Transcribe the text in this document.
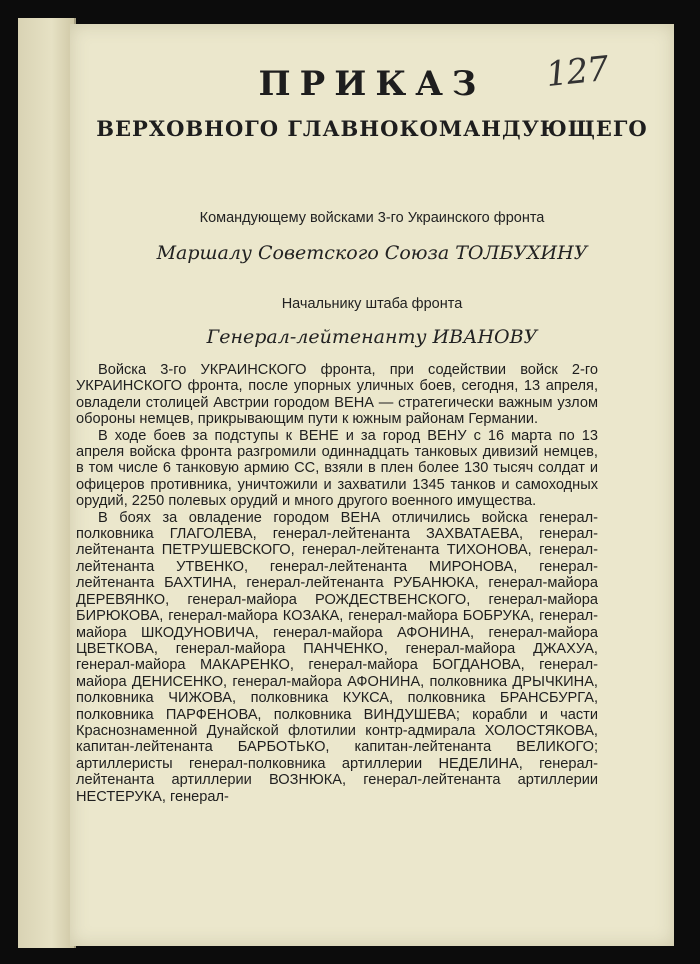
127
ПРИКАЗ
ВЕРХОВНОГО ГЛАВНОКОМАНДУЮЩЕГО
Командующему войсками 3-го Украинского фронта
Маршалу Советского Союза ТОЛБУХИНУ
Начальнику штаба фронта
Генерал-лейтенанту ИВАНОВУ

Войска 3-го УКРАИНСКОГО фронта, при содействии войск 2-го УКРАИНСКОГО фронта, после упорных уличных боев, сегодня, 13 апреля, овладели столицей Австрии городом ВЕНА — стратегически важным узлом обороны немцев, прикрывающим пути к южным районам Германии.

В ходе боев за подступы к ВЕНЕ и за город ВЕНУ с 16 марта по 13 апреля войска фронта разгромили одиннадцать танковых дивизий немцев, в том числе 6 танковую армию СС, взяли в плен более 130 тысяч солдат и офицеров противника, уничтожили и захватили 1345 танков и самоходных орудий, 2250 полевых орудий и много другого военного имущества.

В боях за овладение городом ВЕНА отличились войска генерал-полковника ГЛАГОЛЕВА, генерал-лейтенанта ЗАХВАТАЕВА, генерал-лейтенанта ПЕТРУШЕВСКОГО, генерал-лейтенанта ТИХОНОВА, генерал-лейтенанта УТВЕНКО, генерал-лейтенанта МИРОНОВА, генерал-лейтенанта БАХТИНА, генерал-лейтенанта РУБАНЮКА, генерал-майора ДЕРЕВЯНКО, генерал-майора РОЖДЕСТВЕНСКОГО, генерал-майора БИРЮКОВА, генерал-майора КОЗАКА, генерал-майора БОБРУКА, генерал-майора ШКОДУНОВИЧА, генерал-майора АФОНИНА, генерал-майора ЦВЕТКОВА, генерал-майора ПАНЧЕНКО, генерал-майора ДЖАХУА, генерал-майора МАКАРЕНКО, генерал-майора БОГДАНОВА, генерал-майора ДЕНИСЕНКО, генерал-майора АФОНИНА, полковника ДРЫЧКИНА, полковника ЧИЖОВА, полковника КУКСА, полковника БРАНСБУРГА, полковника ПАРФЕНОВА, полковника ВИНДУШЕВА; корабли и части Краснознаменной Дунайской флотилии контр-адмирала ХОЛОСТЯКОВА, капитан-лейтенанта БАРБОТЬКО, капитан-лейтенанта ВЕЛИКОГО; артиллеристы генерал-полковника артиллерии НЕДЕЛИНА, генерал-лейтенанта артиллерии ВОЗНЮКА, генерал-лейтенанта артиллерии НЕСТЕРУКА, генерал-
